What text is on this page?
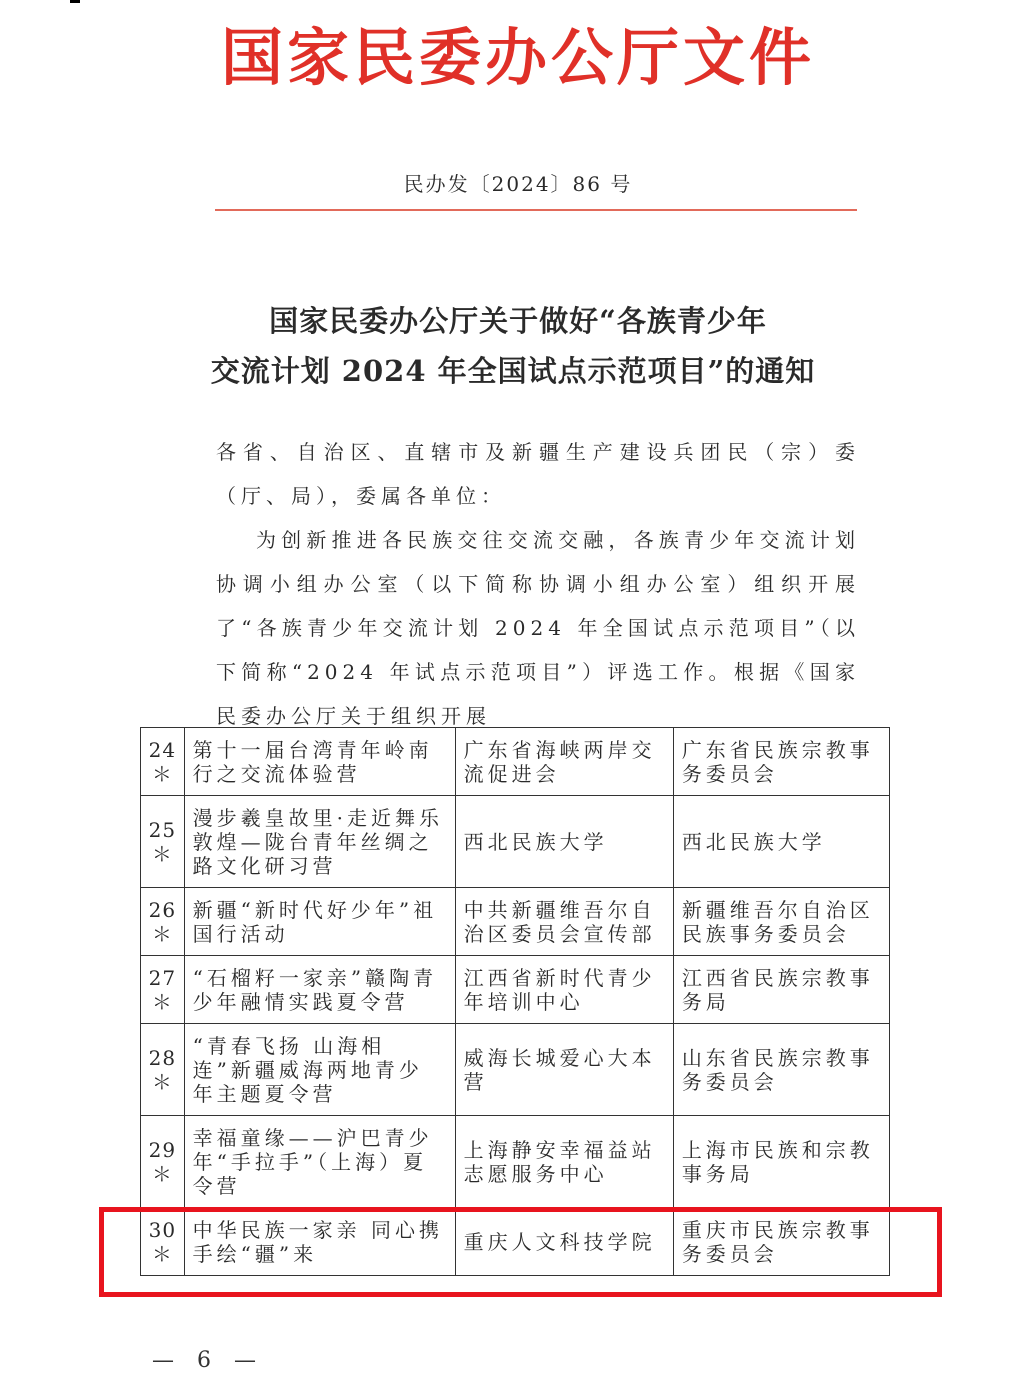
国家民委办公厅文件
民办发〔2024〕86 号
国家民委办公厅关于做好“各族青少年
交流计划 2024 年全国试点示范项目”的通知
各省、自治区、直辖市及新疆生产建设兵团民（宗）委（厅、局），委属各单位：
为创新推进各民族交往交流交融，各族青少年交流计划协调小组办公室（以下简称协调小组办公室）组织开展了“各族青少年交流计划 2024 年全国试点示范项目”（以下简称“2024 年试点示范项目”）评选工作。根据《国家民委办公厅关于组织开展
24＊	第十一届台湾青年岭南行之交流体验营	广东省海峡两岸交流促进会	广东省民族宗教事务委员会
25＊	漫步羲皇故里·走近舞乐敦煌—陇台青年丝绸之路文化研习营	西北民族大学	西北民族大学
26＊	新疆“新时代好少年”祖国行活动	中共新疆维吾尔自治区委员会宣传部	新疆维吾尔自治区民族事务委员会
27＊	“石榴籽一家亲”赣陶青少年融情实践夏令营	江西省新时代青少年培训中心	江西省民族宗教事务局
28＊	“青春飞扬 山海相连”新疆威海两地青少年主题夏令营	威海长城爱心大本营	山东省民族宗教事务委员会
29＊	幸福童缘——沪巴青少年“手拉手”（上海）夏令营	上海静安幸福益站志愿服务中心	上海市民族和宗教事务局
30＊	中华民族一家亲 同心携手绘“疆”来	重庆人文科技学院	重庆市民族宗教事务委员会
— 6 —
